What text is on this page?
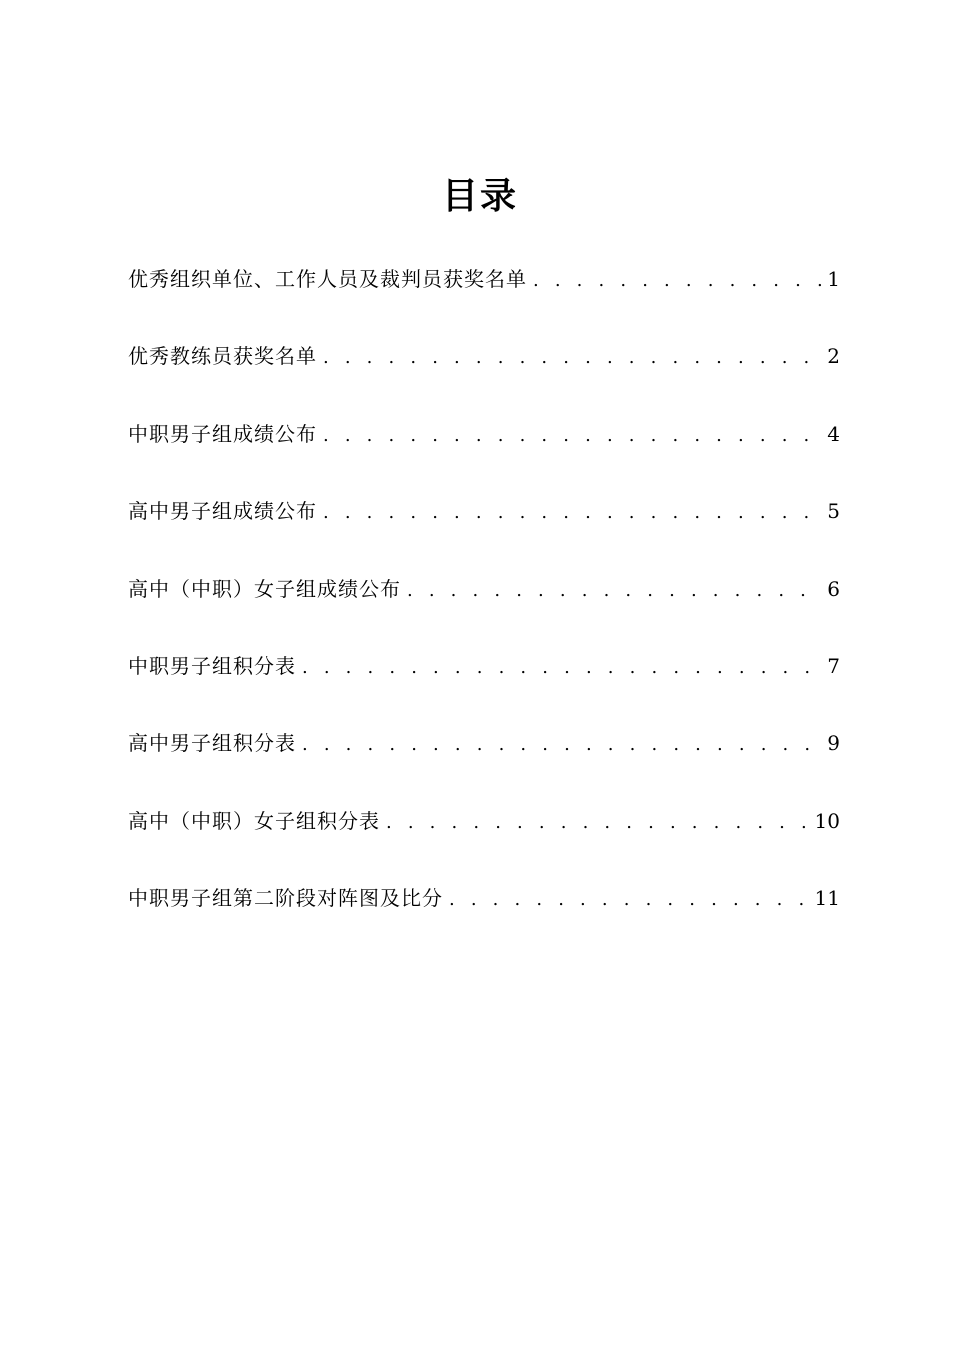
目录
优秀组织单位、工作人员及裁判员获奖名单 . . .	1
优秀教练员获奖名单 . . .	2
中职男子组成绩公布 . . .	4
高中男子组成绩公布 . . .	5
高中（中职）女子组成绩公布 . . .	6
中职男子组积分表 . . .	7
高中男子组积分表 . . .	9
高中（中职）女子组积分表 . . .	10
中职男子组第二阶段对阵图及比分 . . .	11
